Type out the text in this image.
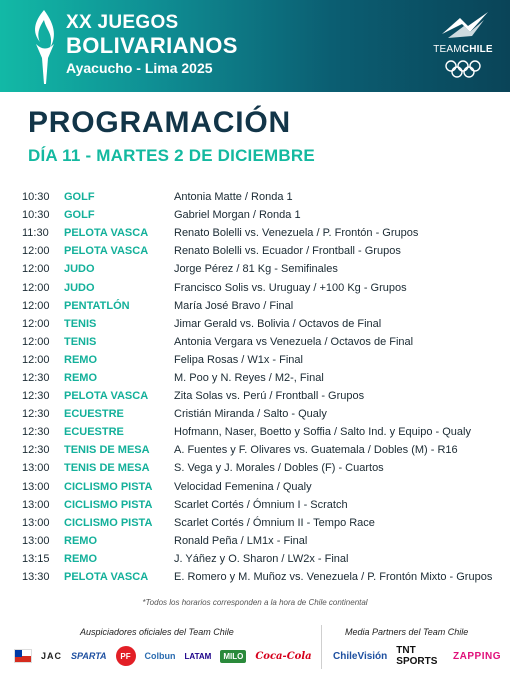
XX JUEGOS
BOLIVARIANOS
Ayacucho - Lima 2025
TEAMCHILE
PROGRAMACIÓN
DÍA 11 - MARTES 2 DE DICIEMBRE
10:30	GOLF	Antonia Matte / Ronda 1
10:30	GOLF	Gabriel Morgan / Ronda 1
11:30	PELOTA VASCA	Renato Bolelli vs. Venezuela / P. Frontón - Grupos
12:00	PELOTA VASCA	Renato Bolelli vs. Ecuador / Frontball - Grupos
12:00	JUDO	Jorge Pérez / 81 Kg - Semifinales
12:00	JUDO	Francisco Solis vs. Uruguay / +100 Kg - Grupos
12:00	PENTATLÓN	María José Bravo / Final
12:00	TENIS	Jimar Gerald vs. Bolivia / Octavos de Final
12:00	TENIS	Antonia Vergara vs Venezuela / Octavos de Final
12:00	REMO	Felipa Rosas / W1x - Final
12:30	REMO	M. Poo y N. Reyes / M2-, Final
12:30	PELOTA VASCA	Zita Solas vs. Perú / Frontball - Grupos
12:30	ECUESTRE	Cristián Miranda / Salto - Qualy
12:30	ECUESTRE	Hofmann, Naser, Boetto y Soffia / Salto Ind. y Equipo - Qualy
12:30	TENIS DE MESA	A. Fuentes y F. Olivares vs. Guatemala / Dobles (M) - R16
13:00	TENIS DE MESA	S. Vega y J. Morales / Dobles (F) - Cuartos
13:00	CICLISMO PISTA	Velocidad Femenina / Qualy
13:00	CICLISMO PISTA	Scarlet Cortés / Ómnium I - Scratch
13:00	CICLISMO PISTA	Scarlet Cortés / Ómnium II - Tempo Race
13:00	REMO	Ronald Peña / LM1x - Final
13:15	REMO	J. Yáñez y O. Sharon / LW2x - Final
13:30	PELOTA VASCA	E. Romero y M. Muñoz vs. Venezuela / P. Frontón Mixto - Grupos
*Todos los horarios corresponden a la hora de Chile continental
Auspiciadores oficiales del Team Chile	Media Partners del Team Chile
JAC SPARTA	PF	Colbun LATAM	MILO	Coca-Cola ChileVisión TNT SPORTS	ZAPPING
